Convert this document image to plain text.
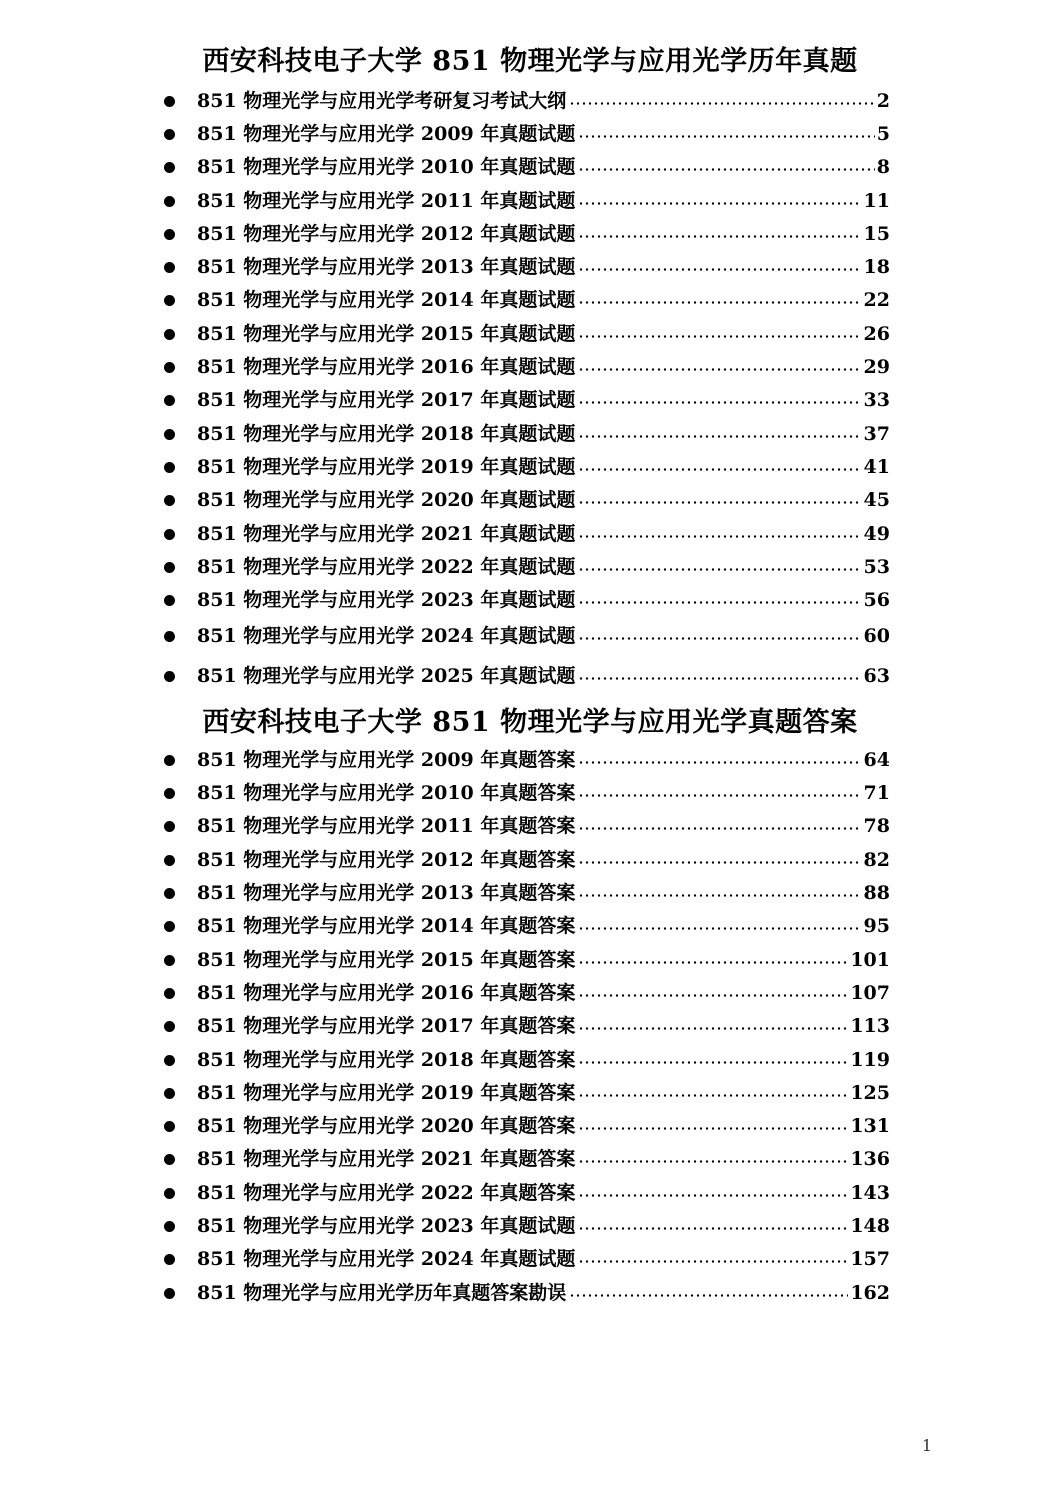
西安科技电子大学 851 物理光学与应用光学历年真题
851 物理光学与应用光学考研复习考试大纲	2
851 物理光学与应用光学 2009 年真题试题	5
851 物理光学与应用光学 2010 年真题试题	8
851 物理光学与应用光学 2011 年真题试题	11
851 物理光学与应用光学 2012 年真题试题	15
851 物理光学与应用光学 2013 年真题试题	18
851 物理光学与应用光学 2014 年真题试题	22
851 物理光学与应用光学 2015 年真题试题	26
851 物理光学与应用光学 2016 年真题试题	29
851 物理光学与应用光学 2017 年真题试题	33
851 物理光学与应用光学 2018 年真题试题	37
851 物理光学与应用光学 2019 年真题试题	41
851 物理光学与应用光学 2020 年真题试题	45
851 物理光学与应用光学 2021 年真题试题	49
851 物理光学与应用光学 2022 年真题试题	53
851 物理光学与应用光学 2023 年真题试题	56
851 物理光学与应用光学 2024 年真题试题	60
851 物理光学与应用光学 2025 年真题试题	63
西安科技电子大学 851 物理光学与应用光学真题答案
851 物理光学与应用光学 2009 年真题答案	64
851 物理光学与应用光学 2010 年真题答案	71
851 物理光学与应用光学 2011 年真题答案	78
851 物理光学与应用光学 2012 年真题答案	82
851 物理光学与应用光学 2013 年真题答案	88
851 物理光学与应用光学 2014 年真题答案	95
851 物理光学与应用光学 2015 年真题答案	101
851 物理光学与应用光学 2016 年真题答案	107
851 物理光学与应用光学 2017 年真题答案	113
851 物理光学与应用光学 2018 年真题答案	119
851 物理光学与应用光学 2019 年真题答案	125
851 物理光学与应用光学 2020 年真题答案	131
851 物理光学与应用光学 2021 年真题答案	136
851 物理光学与应用光学 2022 年真题答案	143
851 物理光学与应用光学 2023 年真题试题	148
851 物理光学与应用光学 2024 年真题试题	157
851 物理光学与应用光学历年真题答案勘误	162
1
